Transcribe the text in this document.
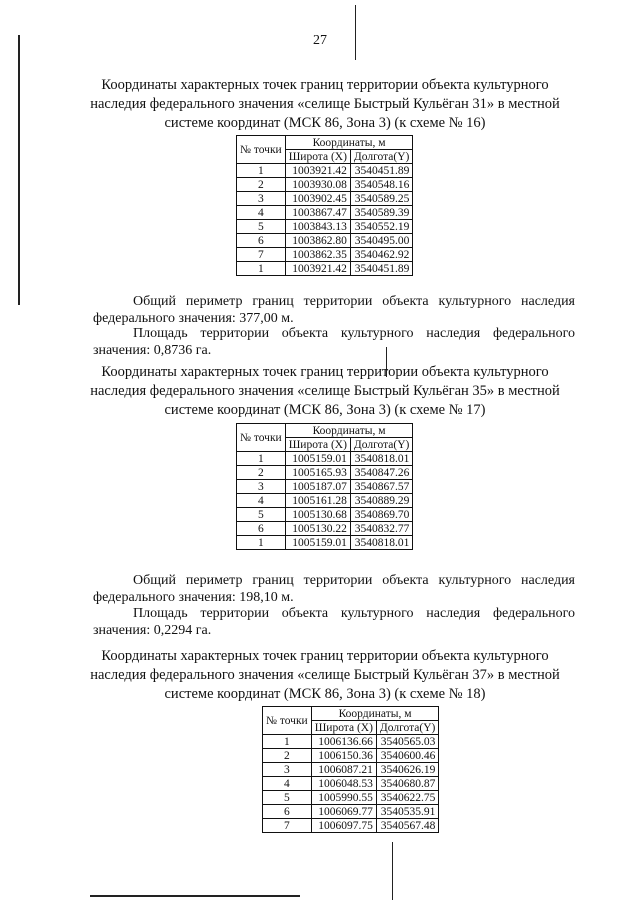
27
Координаты характерных точек границ территории объекта культурного наследия федерального значения «селище Быстрый Кульёган 31» в местной системе координат (МСК 86, Зона 3) (к схеме № 16)
№ точки	Координаты, м	
	Широта (X)	Долгота(Y)
1	1003921.42	3540451.89
2	1003930.08	3540548.16
3	1003902.45	3540589.25
4	1003867.47	3540589.39
5	1003843.13	3540552.19
6	1003862.80	3540495.00
7	1003862.35	3540462.92
1	1003921.42	3540451.89

Общий периметр границ территории объекта культурного наследия федерального значения: 377,00 м.

Площадь территории объекта культурного наследия федерального значения: 0,8736 га.

Координаты характерных точек границ территории объекта культурного наследия федерального значения «селище Быстрый Кульёган 35» в местной системе координат (МСК 86, Зона 3) (к схеме № 17)
№ точки	Координаты, м	
	Широта (X)	Долгота(Y)
1	1005159.01	3540818.01
2	1005165.93	3540847.26
3	1005187.07	3540867.57
4	1005161.28	3540889.29
5	1005130.68	3540869.70
6	1005130.22	3540832.77
1	1005159.01	3540818.01

Общий периметр границ территории объекта культурного наследия федерального значения: 198,10 м.

Площадь территории объекта культурного наследия федерального значения: 0,2294 га.

Координаты характерных точек границ территории объекта культурного наследия федерального значения «селище Быстрый Кульёган 37» в местной системе координат (МСК 86, Зона 3) (к схеме № 18)
№ точки	Координаты, м	
	Широта (X)	Долгота(Y)
1	1006136.66	3540565.03
2	1006150.36	3540600.46
3	1006087.21	3540626.19
4	1006048.53	3540680.87
5	1005990.55	3540622.75
6	1006069.77	3540535.91
7	1006097.75	3540567.48
